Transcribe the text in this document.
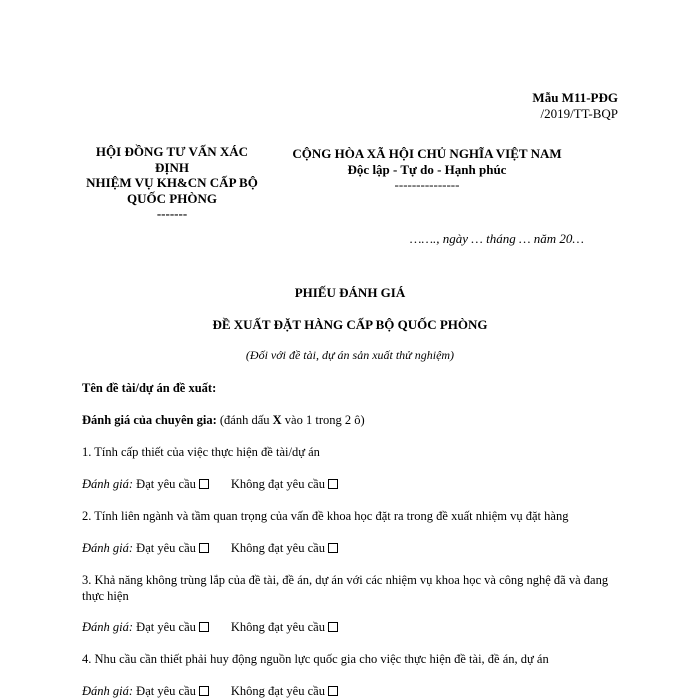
Mẫu M11-PĐG
/2019/TT-BQP
HỘI ĐỒNG TƯ VẤN XÁC ĐỊNH
NHIỆM VỤ KH&CN CẤP BỘ QUỐC PHÒNG
-------
CỘNG HÒA XÃ HỘI CHỦ NGHĨA VIỆT NAM
Độc lập - Tự do - Hạnh phúc
---------------
……., ngày … tháng … năm 20…
PHIẾU ĐÁNH GIÁ
ĐỀ XUẤT ĐẶT HÀNG CẤP BỘ QUỐC PHÒNG
(Đối với đề tài, dự án sản xuất thử nghiệm)
Tên đề tài/dự án đề xuất:
Đánh giá của chuyên gia: (đánh dấu X vào 1 trong 2 ô)
1. Tính cấp thiết của việc thực hiện đề tài/dự án
Đánh giá: Đạt yêu cầu	Không đạt yêu cầu
2. Tính liên ngành và tầm quan trọng của vấn đề khoa học đặt ra trong đề xuất nhiệm vụ đặt hàng
Đánh giá: Đạt yêu cầu	Không đạt yêu cầu
3. Khả năng không trùng lắp của đề tài, đề án, dự án với các nhiệm vụ khoa học và công nghệ đã và đang thực hiện
Đánh giá: Đạt yêu cầu	Không đạt yêu cầu
4. Nhu cầu cần thiết phải huy động nguồn lực quốc gia cho việc thực hiện đề tài, đề án, dự án
Đánh giá: Đạt yêu cầu	Không đạt yêu cầu
